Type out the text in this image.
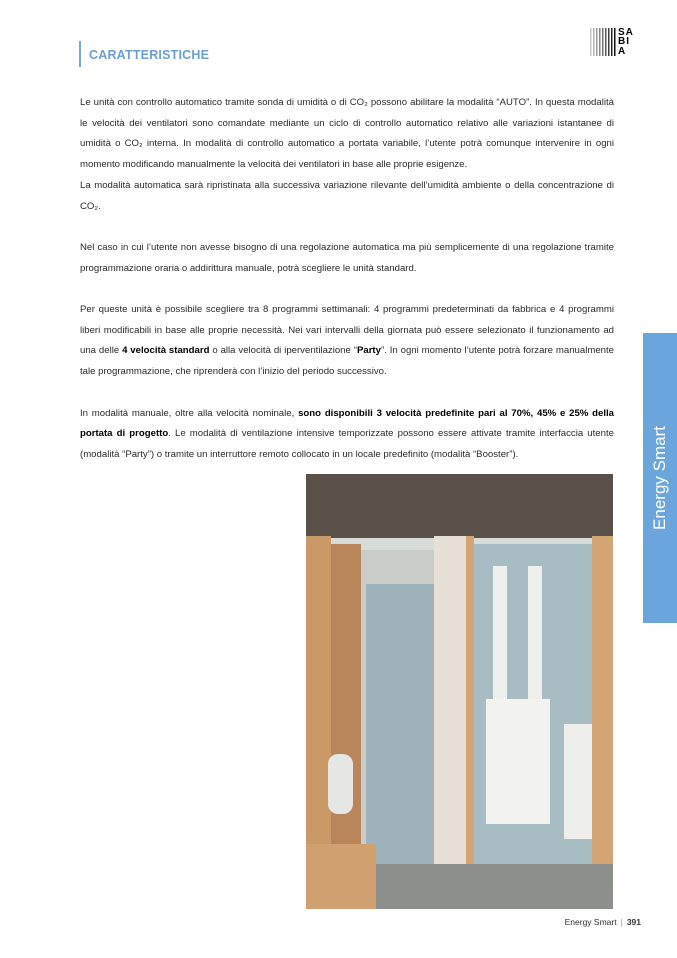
CARATTERISTICHE
SA
BI
A

Le unità con controllo automatico tramite sonda di umidità o di CO₂ possono abilitare la modalità “AUTO”. In questa modalità le velocità dei ventilatori sono comandate mediante un ciclo di controllo automatico relativo alle variazioni istantanee di umidità o CO₂ interna. In modalità di controllo automatico a portata variabile, l’utente potrà comunque intervenire in ogni momento modificando manualmente la velocità dei ventilatori in base alle proprie esigenze.
La modalità automatica sarà ripristinata alla successiva variazione rilevante dell’umidità ambiente o della concentrazione di CO₂.

Nel caso in cui l’utente non avesse bisogno di una regolazione automatica ma più semplicemente di una regolazione tramite programmazione oraria o addirittura manuale, potrà scegliere le unità standard.

Per queste unità è possibile scegliere tra 8 programmi settimanali: 4 programmi predeterminati da fabbrica e 4 programmi liberi modificabili in base alle proprie necessità. Nei vari intervalli della giornata può essere selezionato il funzionamento ad una delle 4 velocità standard o alla velocità di iperventilazione “Party”. In ogni momento l’utente potrà forzare manualmente tale programmazione, che riprenderà con l’inizio del periodo successivo.

In modalità manuale, oltre alla velocità nominale, sono disponibili 3 velocità predefinite pari al 70%, 45% e 25% della portata di progetto. Le modalità di ventilazione intensive temporizzate possono essere attivate tramite interfaccia utente (modalità “Party”) o tramite un interruttore remoto collocato in un locale predefinito (modalità “Booster”).	Energy Smart
Energy Smart | 391
